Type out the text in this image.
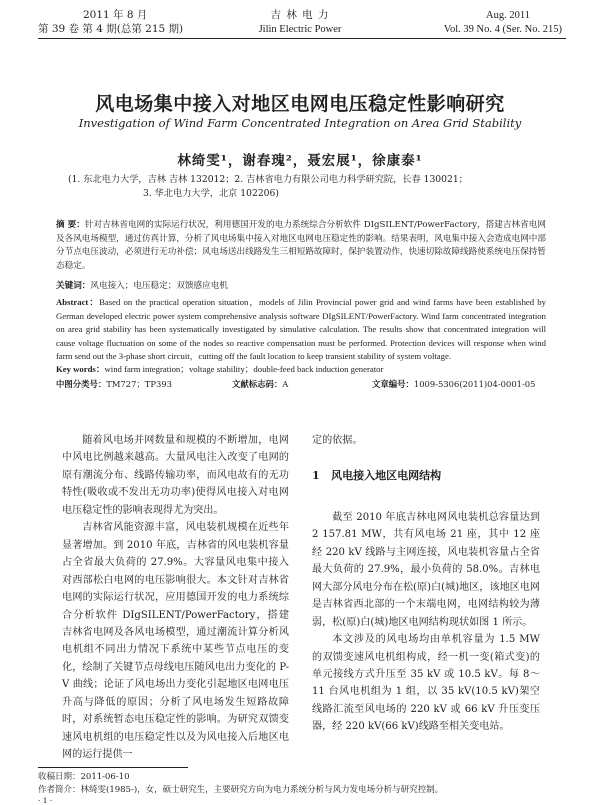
2011 年 8 月
第 39 卷 第 4 期(总第 215 期)
吉 林 电 力
Jilin Electric Power
Aug. 2011
Vol. 39 No. 4 (Ser. No. 215)
风电场集中接入对地区电网电压稳定性影响研究
Investigation of Wind Farm Concentrated Integration on Area Grid Stability
林绮雯¹，谢春瑰²，聂宏展¹，徐康泰¹
(1. 东北电力大学，吉林 吉林 132012；2. 吉林省电力有限公司电力科学研究院，长春 130021；
3. 华北电力大学，北京 102206)
摘 要：针对吉林省电网的实际运行状况，利用德国开发的电力系统综合分析软件 DIgSILENT/PowerFactory，搭建吉林省电网及各风电场模型，通过仿真计算，分析了风电场集中接入对地区电网电压稳定性的影响。结果表明，风电集中接入会造成电网中部分节点电压波动，必须进行无功补偿；风电场送出线路发生三相短路故障时，保护装置动作，快速切除故障线路使系统电压保持暂态稳定。
关键词：风电接入；电压稳定；双馈感应电机
Abstract：Based on the practical operation situation，models of Jilin Provincial power grid and wind farms have been established by German developed electric power system comprehensive analysis software DIgSILENT/PowerFactory. Wind farm concentrated integration on area grid stability has been systematically investigated by simulative calculation. The results show that concentrated integration will cause voltage fluctuation on some of the nodes so reactive compensation must be performed. Protection devices will response when wind farm send out the 3-phase short circuit，cutting off the fault location to keep transient stability of system voltage.
Key words：wind farm integration；voltage stability；double-feed back induction generator
中图分类号：TM727；TP393	文献标志码：A	文章编号：1009-5306(2011)04-0001-05

随着风电场并网数量和规模的不断增加，电网中风电比例越来越高。大量风电注入改变了电网的原有潮流分布、线路传输功率，而风电故有的无功特性(吸收或不发出无功功率)使得风电接入对电网电压稳定性的影响表现得尤为突出。

吉林省风能资源丰富，风电装机规模在近些年显著增加。到 2010 年底，吉林省的风电装机容量占全省最大负荷的 27.9%。大容量风电集中接入对西部松白电网的电压影响很大。本文针对吉林省电网的实际运行状况，应用德国开发的电力系统综合分析软件 DIgSILENT/PowerFactory，搭建吉林省电网及各风电场模型，通过潮流计算分析风电机组不同出力情况下系统中某些节点电压的变化，绘制了关键节点母线电压随风电出力变化的 P-V 曲线；论证了风电场出力变化引起地区电网电压升高与降低的原因；分析了风电场发生短路故障时，对系统暂态电压稳定性的影响。为研究双馈变速风电机组的电压稳定性以及为风电接入后地区电网的运行提供一

定的依据。

1 风电接入地区电网结构

截至 2010 年底吉林电网风电装机总容量达到 2 157.81 MW，共有风电场 21 座，其中 12 座经 220 kV 线路与主网连接，风电装机容量占全省最大负荷的 27.9%，最小负荷的 58.0%。吉林电网大部分风电分布在松(原)白(城)地区，该地区电网是吉林省西北部的一个末端电网，电网结构较为薄弱，松(原)白(城)地区电网结构现状如图 1 所示。

本文涉及的风电场均由单机容量为 1.5 MW 的双馈变速风电机组构成，经一机一变(箱式变)的单元接线方式升压至 35 kV 或 10.5 kV。每 8～11 台风电机组为 1 组，以 35 kV(10.5 kV)架空线路汇流至风电场的 220 kV 或 66 kV 升压变压器，经 220 kV(66 kV)线路至相关变电站。

收稿日期：2011-06-10
作者简介：林绮雯(1985-)，女，硕士研究生，主要研究方向为电力系统分析与风力发电场分析与研究控制。
· 1 ·
